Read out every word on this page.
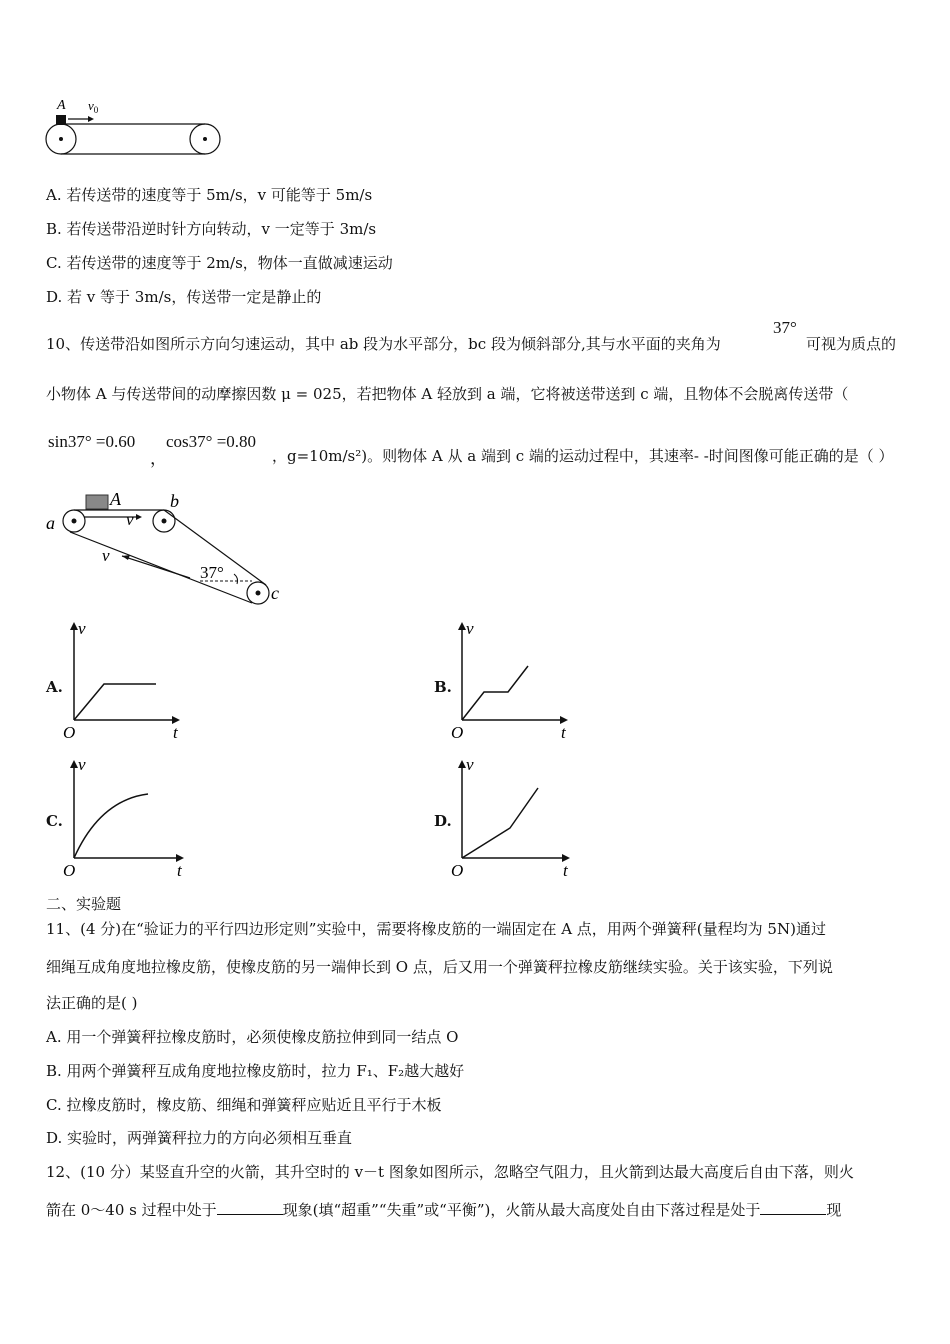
A $v_0$
A. 若传送带的速度等于 5m/s，v 可能等于 5m/s
B. 若传送带沿逆时针方向转动，v 一定等于 3m/s
C. 若传送带的速度等于 2m/s，物体一直做减速运动
D. 若 v 等于 3m/s，传送带一定是静止的
10、传送带沿如图所示方向匀速运动，其中 ab 段为水平部分，bc 段为倾斜部分,其与水平面的夹角为
37°
可视为质点的
小物体 A 与传送带间的动摩擦因数 μ = 025，若把物体 A 轻放到 a 端，它将被送带送到 c 端，且物体不会脱离传送带（
sin37° =0.60
，
cos37° =0.80
，g=10m/s²)。则物体 A 从 a 端到 c 端的运动过程中，其速率- -时间图像可能正确的是（ ）
A	b
a
c
v
v
37°
A.
v
t
O
B.
v
t
O
C.
v
t
O
D.
v
t
O
二、实验题
11、(4 分)在“验证力的平行四边形定则”实验中，需要将橡皮筋的一端固定在 A 点，用两个弹簧秤(量程均为 5N)通过
细绳互成角度地拉橡皮筋，使橡皮筋的另一端伸长到 O 点，后又用一个弹簧秤拉橡皮筋继续实验。关于该实验，下列说
法正确的是( )
A. 用一个弹簧秤拉橡皮筋时，必须使橡皮筋拉伸到同一结点 O
B. 用两个弹簧秤互成角度地拉橡皮筋时，拉力 F₁、F₂越大越好
C. 拉橡皮筋时，橡皮筋、细绳和弹簧秤应贴近且平行于木板
D. 实验时，两弹簧秤拉力的方向必须相互垂直
12、(10 分）某竖直升空的火箭，其升空时的 v－t 图象如图所示，忽略空气阻力，且火箭到达最大高度后自由下落，则火
箭在 0～40 s 过程中处于	现象(填“超重”“失重”或“平衡”)，火箭从最大高度处自由下落过程是处于	现
